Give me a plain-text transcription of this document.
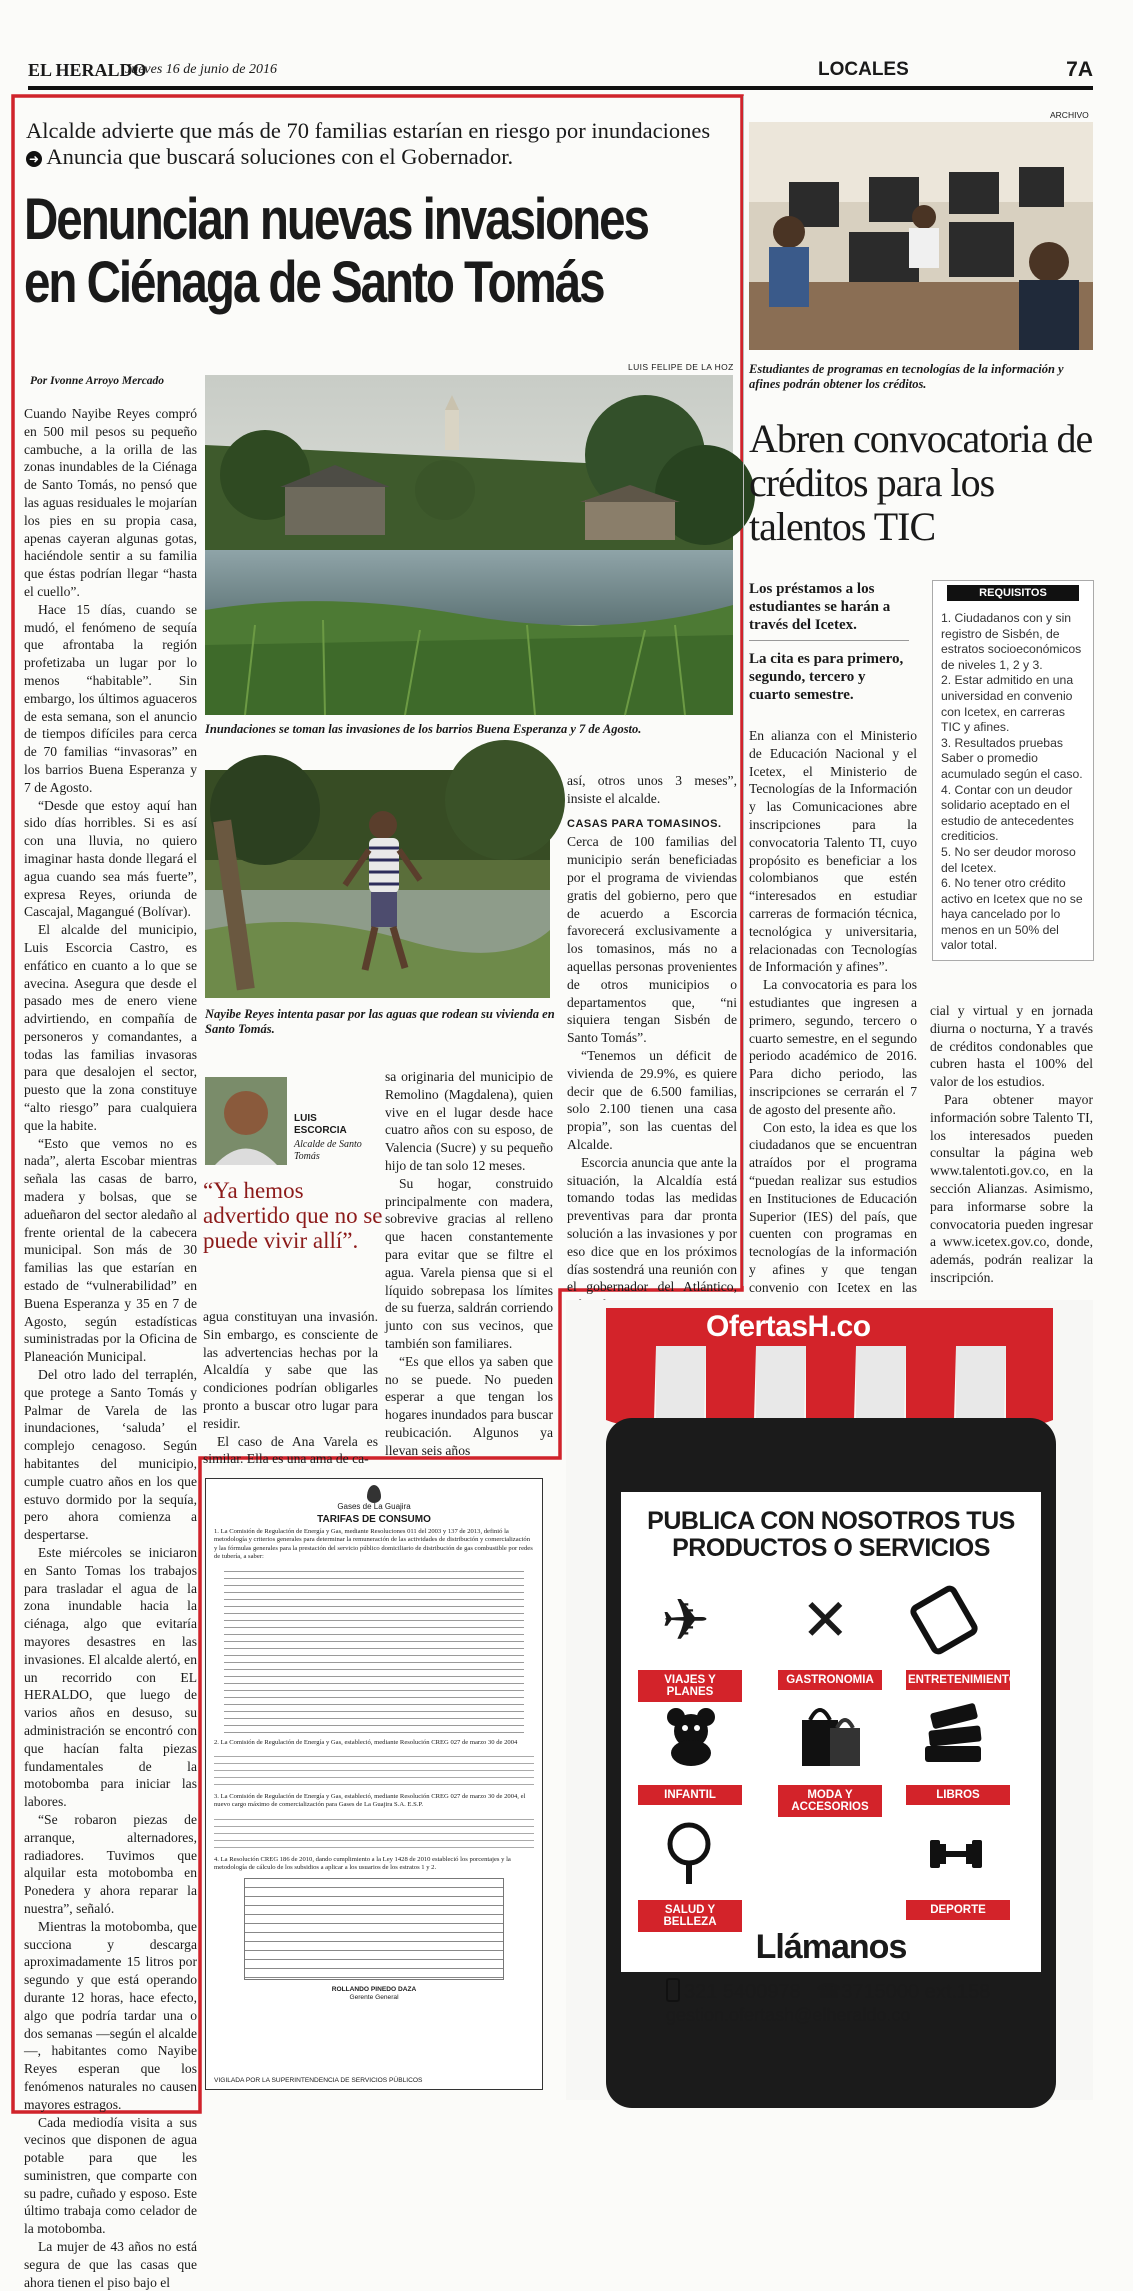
EL HERALDO
Jueves 16 de junio de 2016	LOCALES	7A
Alcalde advierte que más de 70 familias estarían en riesgo por inundaciones ➜ Anuncia que buscará soluciones con el Gobernador.
Denuncian nuevas invasiones
en Ciénaga de Santo Tomás
Por Ivonne Arroyo Mercado
LUIS FELIPE DE LA HOZ
Inundaciones se toman las invasiones de los barrios Buena Esperanza y 7 de Agosto.
Nayibe Reyes intenta pasar por las aguas que rodean su vivienda en Santo Tomás.

Cuando Nayibe Reyes compró en 500 mil pesos su pequeño cambuche, a la orilla de las zonas inundables de la Ciénaga de Santo Tomás, no pensó que las aguas residuales le mojarían los pies en su propia casa, apenas cayeran algunas gotas, haciéndole sentir a su familia que éstas podrían llegar “hasta el cuello”.

Hace 15 días, cuando se mudó, el fenómeno de sequía que afrontaba la región profetizaba un lugar por lo menos “habitable”. Sin embargo, los últimos aguaceros de esta semana, son el anuncio de tiempos difíciles para cerca de 70 familias “invasoras” en los barrios Buena Esperanza y 7 de Agosto.

“Desde que estoy aquí han sido días horribles. Si es así con una lluvia, no quiero imaginar hasta donde llegará el agua cuando sea más fuerte”, expresa Reyes, oriunda de Cascajal, Magangué (Bolívar).

El alcalde del municipio, Luis Escorcia Castro, es enfático en cuanto a lo que se avecina. Asegura que desde el pasado mes de enero viene advirtiendo, en compañía de personeros y comandantes, a todas las familias invasoras para que desalojen el sector, puesto que la zona constituye “alto riesgo” para cualquiera que la habite.

“Esto que vemos no es nada”, alerta Escobar mientras señala las casas de barro, madera y bolsas, que se adueñaron del sector aledaño al frente oriental de la cabecera municipal. Son más de 30 familias las que estarían en estado de “vulnerabilidad” en Buena Esperanza y 35 en 7 de Agosto, según estadísticas suministradas por la Oficina de Planeación Municipal.

Del otro lado del terraplén, que protege a Santo Tomás y Palmar de Varela de las inundaciones, ‘saluda’ el complejo cenagoso. Según habitantes del municipio, cumple cuatro años en los que estuvo dormido por la sequía, pero ahora comienza a despertarse.

Este miércoles se iniciaron en Santo Tomas los trabajos para trasladar el agua de la zona inundable hacia la ciénaga, algo que evitaría mayores desastres en las invasiones. El alcalde alertó, en un recorrido con EL HERALDO, que luego de varios años en desuso, su administración se encontró con que hacían falta piezas fundamentales de la motobomba para iniciar las labores.

“Se robaron piezas de arranque, alternadores, radiadores. Tuvimos que alquilar esta motobomba en Ponedera y ahora reparar la nuestra”, señaló.

Mientras la motobomba, que succiona y descarga aproximadamente 15 litros por segundo y que está operando durante 12 horas, hace efecto, algo que podría tardar una o dos semanas —según el alcalde—, habitantes como Nayibe Reyes esperan que los fenómenos naturales no causen mayores estragos.

Cada mediodía visita a sus vecinos que disponen de agua potable para que les suministren, que comparte con su padre, cuñado y esposo. Este último trabaja como celador de la motobomba.

La mujer de 43 años no está segura de que las casas que ahora tienen el piso bajo el

así, otros unos 3 meses”, insiste el alcalde.

CASAS PARA TOMASINOS.

Cerca de 100 familias del municipio serán beneficiadas por el programa de viviendas gratis del gobierno, pero que de acuerdo a Escorcia favorecerá exclusivamente a los tomasinos, más no a aquellas personas provenientes de otros municipios o departamentos que, “ni siquiera tengan Sisbén de Santo Tomás”.

“Tenemos un déficit de vivienda de 29.9%, es quiere decir que de 6.500 familias, solo 2.100 tienen una casa propia”, son las cuentas del Alcalde.

Escorcia anuncia que ante la situación, la Alcaldía está tomando todas las medidas preventivas para dar pronta solución a las invasiones y por eso dice que en los próximos días sostendrá una reunión con el gobernador del Atlántico,

LUIS
ESCORCIA
Alcalde de Santo Tomás
“Ya hemos advertido que no se puede vivir allí”.

agua constituyan una invasión. Sin embargo, es consciente de las advertencias hechas por la Alcaldía y sabe que las condiciones podrían obligarles pronto a buscar otro lugar para residir.

El caso de Ana Varela es similar. Ella es una ama de ca-

sa originaria del municipio de Remolino (Magdalena), quien vive en el lugar desde hace cuatro años con su esposo, de Valencia (Sucre) y su pequeño hijo de tan solo 12 meses.

Su hogar, construido principalmente con madera, sobrevive gracias al relleno que hacen constantemente para evitar que se filtre el agua. Varela piensa que si el líquido sobrepasa los límites de su fuerza, saldrán corriendo junto con sus vecinos, que también son familiares.

“Es que ellos ya saben que no se puede. No pueden esperar a que tengan los hogares inundados para buscar reubicación. Algunos ya llevan seis años

ARCHIVO
Estudiantes de programas en tecnologías de la información y afines podrán obtener los créditos.
Abren convocatoria de créditos para los talentos TIC
Los préstamos a los estudiantes se harán a través del Icetex.
La cita es para primero, segundo, tercero y cuarto semestre.
REQUISITOS
1. Ciudadanos con y sin registro de Sisbén, de estratos socioeconómicos de niveles 1, 2 y 3.
2. Estar admitido en una universidad en convenio con Icetex, en carreras TIC y afines.
3. Resultados pruebas Saber o promedio acumulado según el caso.
4. Contar con un deudor solidario aceptado en el estudio de antecedentes crediticios.
5. No ser deudor moroso del Icetex.
6. No tener otro crédito activo en Icetex que no se haya cancelado por lo menos en un 50% del valor total.

En alianza con el Ministerio de Educación Nacional y el Icetex, el Ministerio de Tecnologías de la Información y las Comunicaciones abre inscripciones para la convocatoria Talento TI, cuyo propósito es beneficiar a los colombianos que estén “interesados en estudiar carreras de formación técnica, tecnológica y universitaria, relacionadas con Tecnologías de Información y afines”.

La convocatoria es para los estudiantes que ingresen a primero, segundo, tercero o cuarto semestre, en el segundo periodo académico de 2016. Para dicho periodo, las inscripciones se cerrarán el 7 de agosto del presente año.

Con esto, la idea es que los ciudadanos que se encuentran atraídos por el programa “puedan realizar sus estudios en Instituciones de Educación Superior (IES) del país, que cuenten con programas en tecnologías de la información y afines y que tengan convenio con Icetex en las

cial y virtual y en jornada diurna o nocturna, Y a través de créditos condonables que cubren hasta el 100% del valor de los estudios.

Para obtener mayor información sobre Talento TI, los interesados pueden consultar la página web www.talentoti.gov.co, en la sección Alianzas. Asimismo, para informarse sobre la convocatoria pueden ingresar a www.icetex.gov.co, donde, además, podrán realizar la inscripción.

Gases de La Guajira
TARIFAS DE CONSUMO
1. La Comisión de Regulación de Energía y Gas, mediante Resoluciones 011 del 2003 y 137 de 2013, definió la metodología y criterios generales para determinar la remuneración de las actividades de distribución y comercialización y las fórmulas generales para la prestación del servicio público domiciliario de distribución de gas combustible por redes de tubería, a saber:
2. La Comisión de Regulación de Energía y Gas, estableció, mediante Resolución CREG 027 de marzo 30 de 2004
3. La Comisión de Regulación de Energía y Gas, estableció, mediante Resolución CREG 027 de marzo 30 de 2004, el nuevo cargo máximo de comercialización para Gases de La Guajira S.A. E.S.P.
4. La Resolución CREG 186 de 2010, dando cumplimiento a la Ley 1428 de 2010 estableció los porcentajes y la metodología de cálculo de los subsidios a aplicar a los usuarios de los estratos 1 y 2.
ROLLANDO PINEDO DAZA
Gerente General
VIGILADA POR LA SUPERINTENDENCIA DE SERVICIOS PÚBLICOS
OfertasH.co
PUBLICA CON NOSOTROS TUS PRODUCTOS O SERVICIOS
✈ ✕
VIAJES Y PLANES
GASTRONOMIA	ENTRETENIMIENTO
INFANTIL	MODA Y ACCESORIOS
LIBROS
SALUD Y BELLEZA
DEPORTE
Llámanos
321 5400978 ☎3715000 ext.158
gestion.ofertash@elheraldo.co
